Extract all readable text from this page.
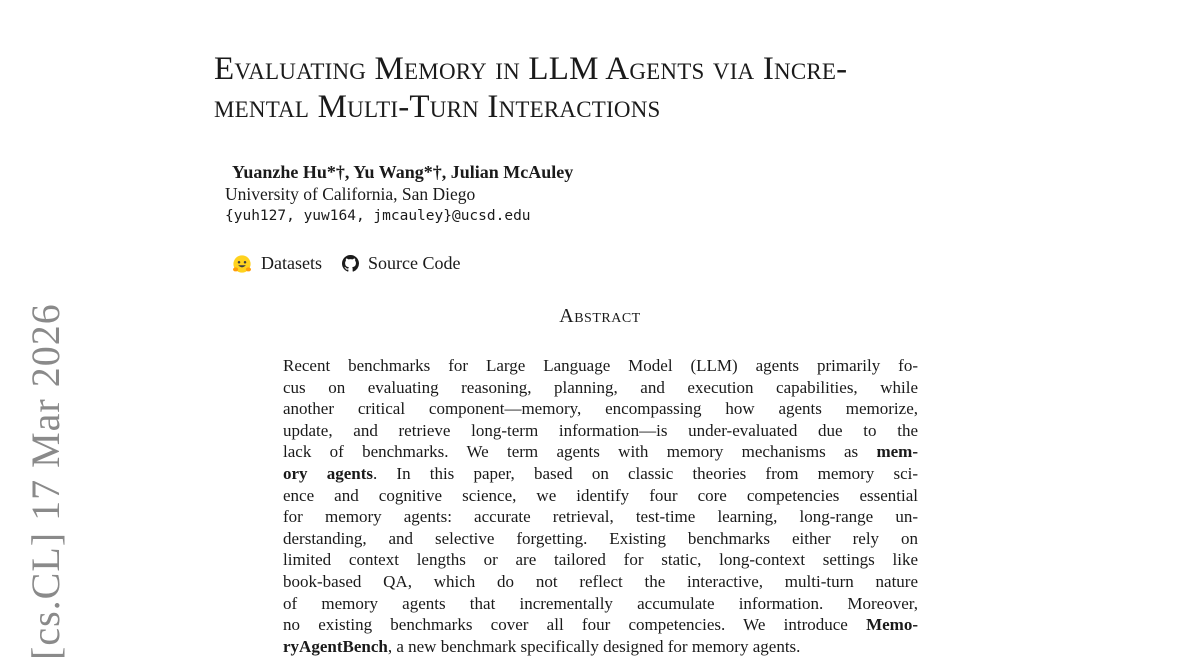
[cs.CL] 17 Mar 2026
Evaluating Memory in LLM Agents via Incre-
mental Multi-Turn Interactions
Yuanzhe Hu*†, Yu Wang*†, Julian McAuley
University of California, San Diego
{yuh127, yuw164, jmcauley}@ucsd.edu
Datasets	Source Code
Abstract
Recent benchmarks for Large Language Model (LLM) agents primarily fo-
cus on evaluating reasoning, planning, and execution capabilities, while
another critical component—memory, encompassing how agents memorize,
update, and retrieve long-term information—is under-evaluated due to the
lack of benchmarks. We term agents with memory mechanisms as mem-
ory agents. In this paper, based on classic theories from memory sci-
ence and cognitive science, we identify four core competencies essential
for memory agents: accurate retrieval, test-time learning, long-range un-
derstanding, and selective forgetting. Existing benchmarks either rely on
limited context lengths or are tailored for static, long-context settings like
book-based QA, which do not reflect the interactive, multi-turn nature
of memory agents that incrementally accumulate information. Moreover,
no existing benchmarks cover all four competencies. We introduce Memo-
ryAgentBench, a new benchmark specifically designed for memory agents.
